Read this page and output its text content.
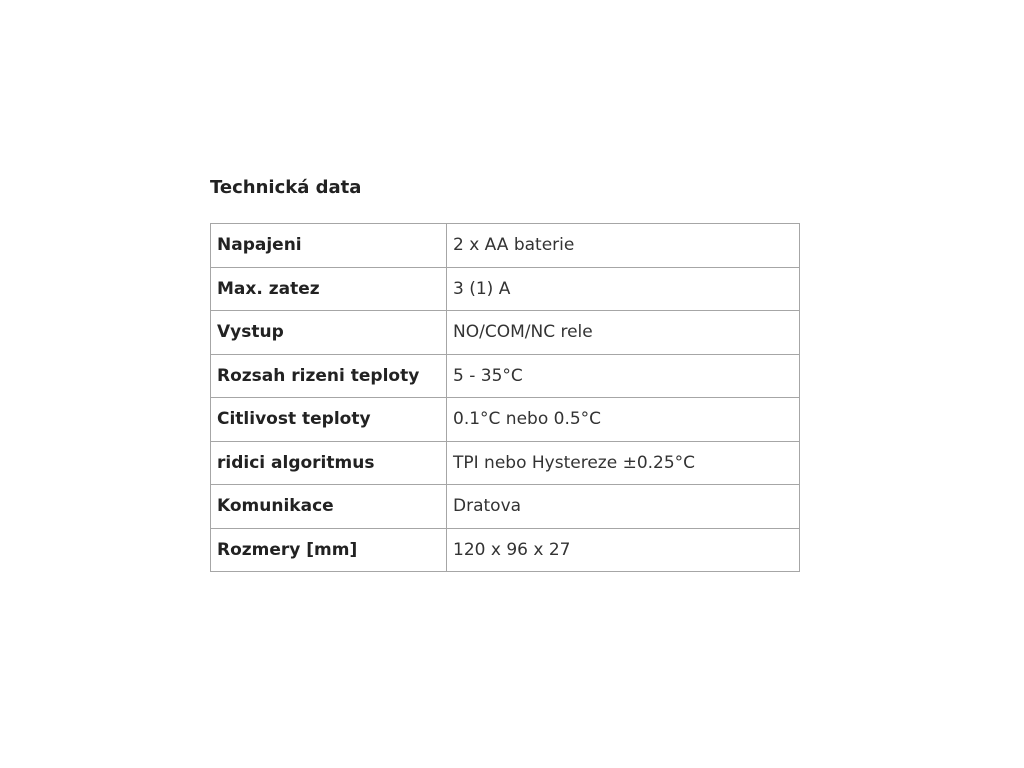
Technická data
Napajeni	2 x AA baterie
Max. zatez	3 (1) A
Vystup	NO/COM/NC rele
Rozsah rizeni teploty	5 - 35°C
Citlivost teploty	0.1°C nebo 0.5°C
ridici algoritmus	TPI nebo Hystereze ±0.25°C
Komunikace	Dratova
Rozmery [mm]	120 x 96 x 27
